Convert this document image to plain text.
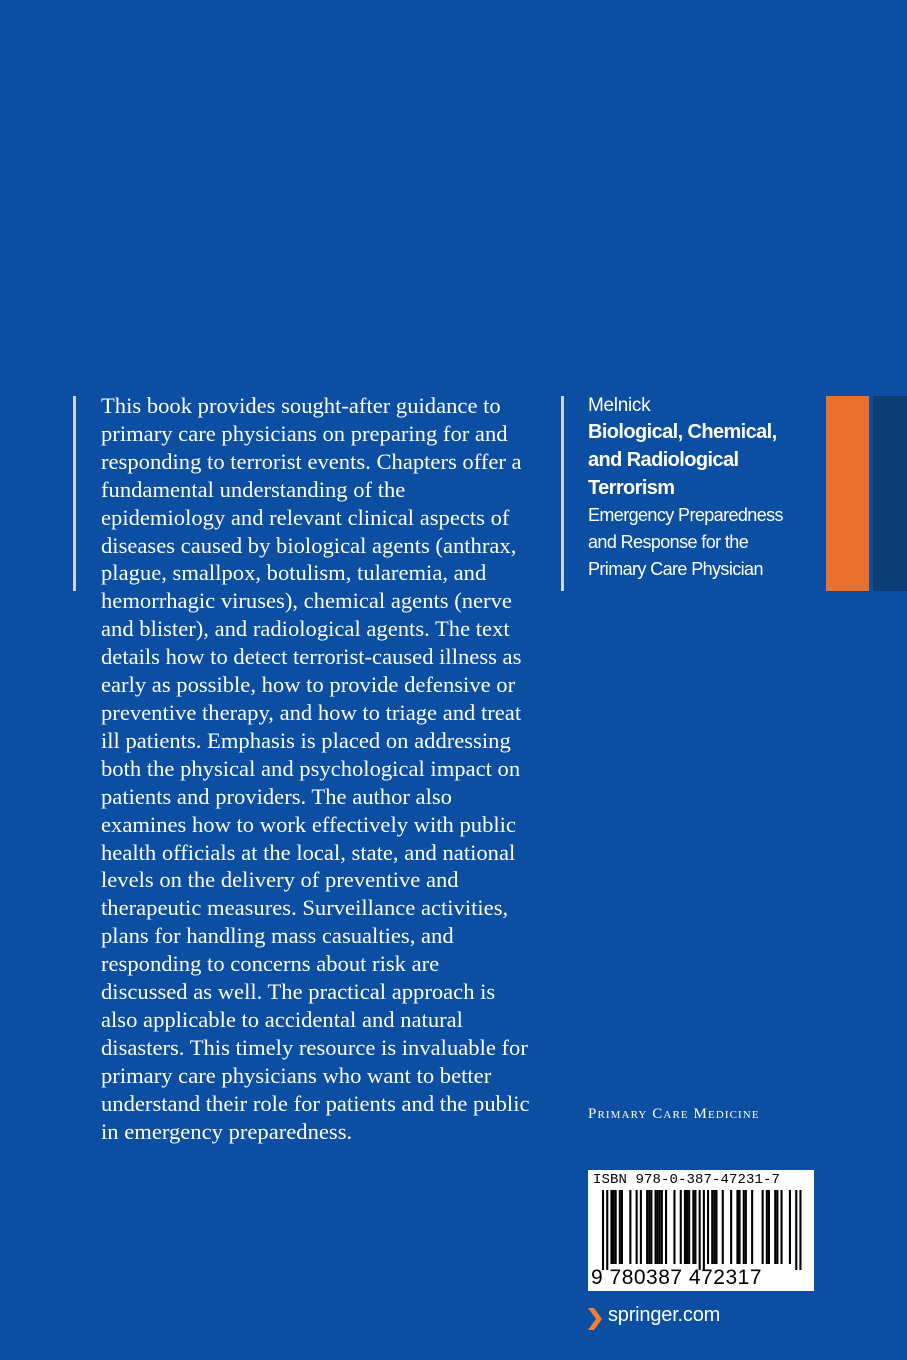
This book provides sought-after guidance to primary care physicians on preparing for and responding to terrorist events. Chapters offer a fundamental understanding of the epidemiology and relevant clinical aspects of diseases caused by biological agents (anthrax, plague, smallpox, botulism, tularemia, and hemorrhagic viruses), chemical agents (nerve and blister), and radiological agents. The text details how to detect terrorist-caused illness as early as possible, how to provide defensive or preventive therapy, and how to triage and treat ill patients. Emphasis is placed on addressing both the physical and psychological impact on patients and providers. The author also examines how to work effectively with public health officials at the local, state, and national levels on the delivery of preventive and therapeutic measures. Surveillance activities, plans for handling mass casualties, and responding to concerns about risk are discussed as well. The practical approach is also applicable to accidental and natural disasters. This timely resource is invaluable for primary care physicians who want to better understand their role for patients and the public in emergency preparedness.

Melnick
Biological, Chemical,
and Radiological
Terrorism
Emergency Preparedness
and Response for the
Primary Care Physician
Primary Care Medicine
ISBN 978-0-387-47231-7
9 780387 472317
springer.com
